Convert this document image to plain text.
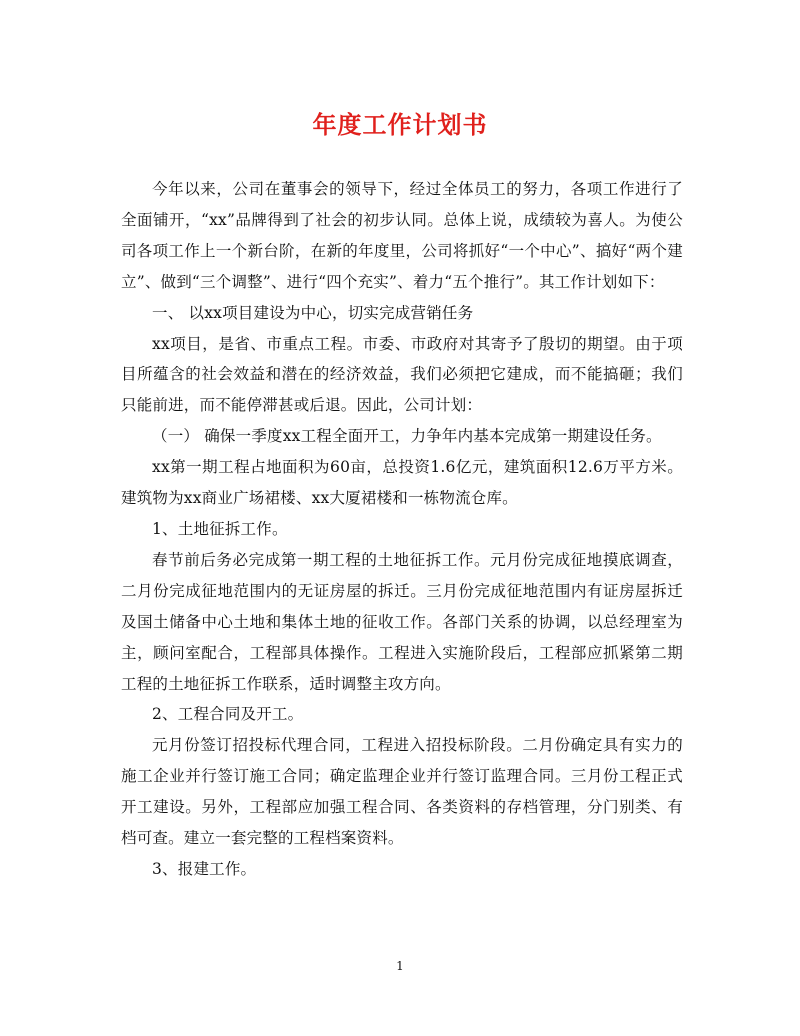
年度工作计划书

今年以来，公司在董事会的领导下，经过全体员工的努力，各项工作进行了全面铺开，“xx”品牌得到了社会的初步认同。总体上说，成绩较为喜人。为使公司各项工作上一个新台阶，在新的年度里，公司将抓好“一个中心”、搞好“两个建立”、做到“三个调整”、进行“四个充实”、着力“五个推行”。其工作计划如下：

一、 以xx项目建设为中心，切实完成营销任务

xx项目，是省、市重点工程。市委、市政府对其寄予了殷切的期望。由于项目所蕴含的社会效益和潜在的经济效益，我们必须把它建成，而不能搞砸；我们只能前进，而不能停滞甚或后退。因此，公司计划：

（一） 确保一季度xx工程全面开工，力争年内基本完成第一期建设任务。

xx第一期工程占地面积为60亩，总投资1.6亿元，建筑面积12.6万平方米。建筑物为xx商业广场裙楼、xx大厦裙楼和一栋物流仓库。

1、土地征拆工作。

春节前后务必完成第一期工程的土地征拆工作。元月份完成征地摸底调查，二月份完成征地范围内的无证房屋的拆迁。三月份完成征地范围内有证房屋拆迁及国土储备中心土地和集体土地的征收工作。各部门关系的协调，以总经理室为主，顾问室配合，工程部具体操作。工程进入实施阶段后，工程部应抓紧第二期工程的土地征拆工作联系，适时调整主攻方向。

2、工程合同及开工。

元月份签订招投标代理合同，工程进入招投标阶段。二月份确定具有实力的施工企业并行签订施工合同；确定监理企业并行签订监理合同。三月份工程正式开工建设。另外，工程部应加强工程合同、各类资料的存档管理，分门别类、有档可查。建立一套完整的工程档案资料。

3、报建工作。

1
